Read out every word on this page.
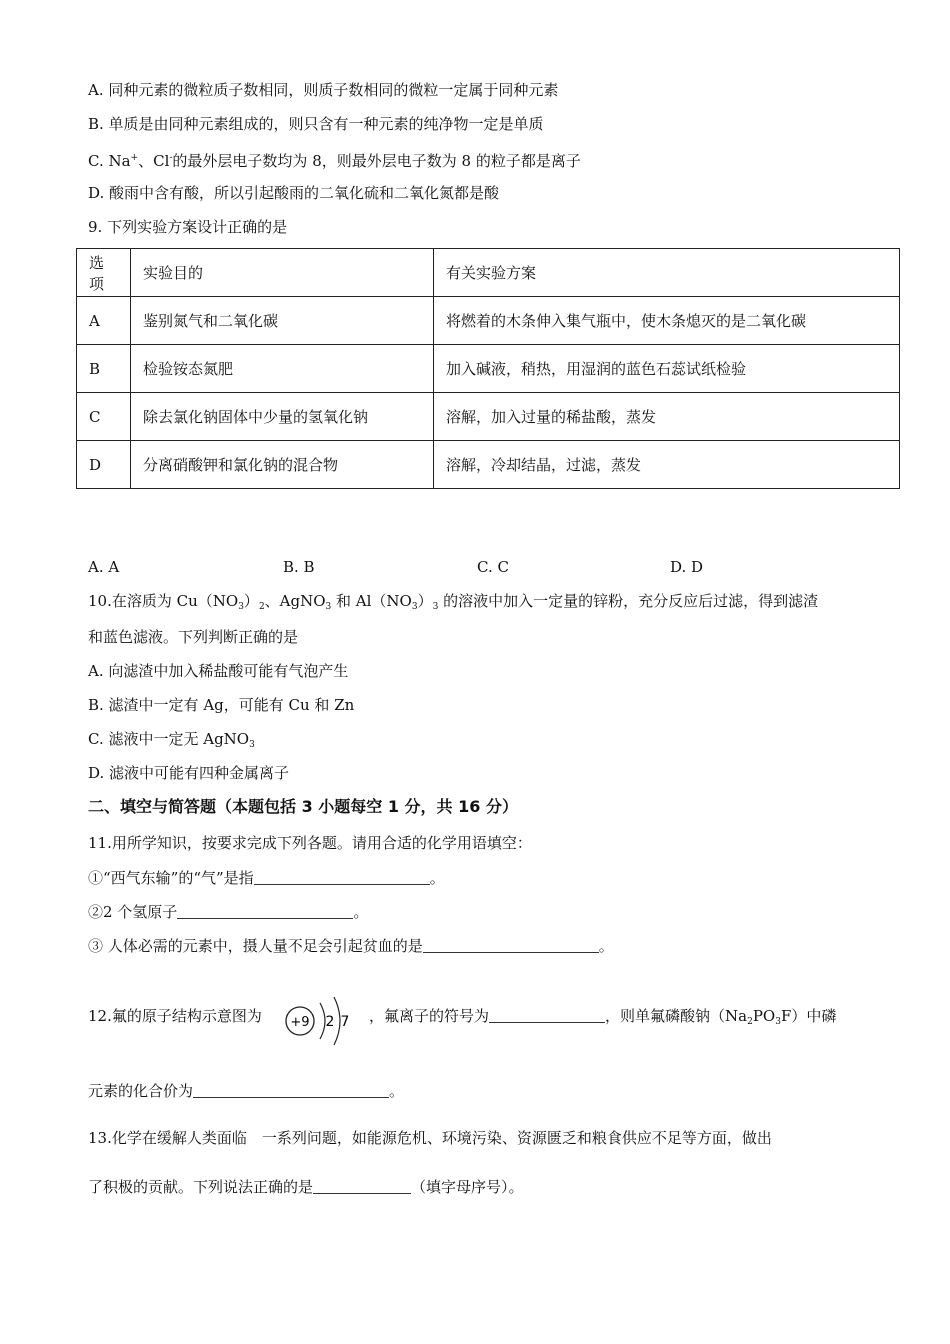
A. 同种元素的微粒质子数相同，则质子数相同的微粒一定属于同种元素
B. 单质是由同种元素组成的，则只含有一种元素的纯净物一定是单质
C. Na+、Cl-的最外层电子数均为 8，则最外层电子数为 8 的粒子都是离子
D. 酸雨中含有酸，所以引起酸雨的二氧化硫和二氧化氮都是酸
9. 下列实验方案设计正确的是
选项	实验目的	有关实验方案
A	鉴别氮气和二氧化碳	将燃着的木条伸入集气瓶中，使木条熄灭的是二氧化碳
B	检验铵态氮肥	加入碱液，稍热，用湿润的蓝色石蕊试纸检验
C	除去氯化钠固体中少量的氢氧化钠	溶解，加入过量的稀盐酸，蒸发
D	分离硝酸钾和氯化钠的混合物	溶解，冷却结晶，过滤，蒸发
A. A	B. B	C. C	D. D
10.在溶质为 $Cu(NO_3)_2$、AgNO$_3$ 和 $Al(NO_3)_3$ 的溶液中加入一定量的锌粉，充分反应后过滤，得到滤渣
和蓝色滤液。下列判断正确的是
A. 向滤渣中加入稀盐酸可能有气泡产生
B. 滤渣中一定有 Ag，可能有 Cu 和 Zn
C. 滤液中一定无 AgNO$_3$
D. 滤液中可能有四种金属离子
二、填空与简答题（本题包括 3 小题每空 1 分，共 16 分）
11.用所学知识，按要求完成下列各题。请用合适的化学用语填空：
①“西气东输”的“气”是指	。
②2 个氢原子	。
③ 人体必需的元素中，摄人量不足会引起贫血的是	。
12.氟的原子结构示意图为 +9 2 7 ，氟离子的符号为	，则单氟磷酸钠$(Na_2PO_3F)$中磷
元素的化合价为	。
13.化学在缓解人类面临　一系列问题，如能源危机、环境污染、资源匮乏和粮食供应不足等方面，做出
了积极的贡献。下列说法正确的是	（填字母序号）。
